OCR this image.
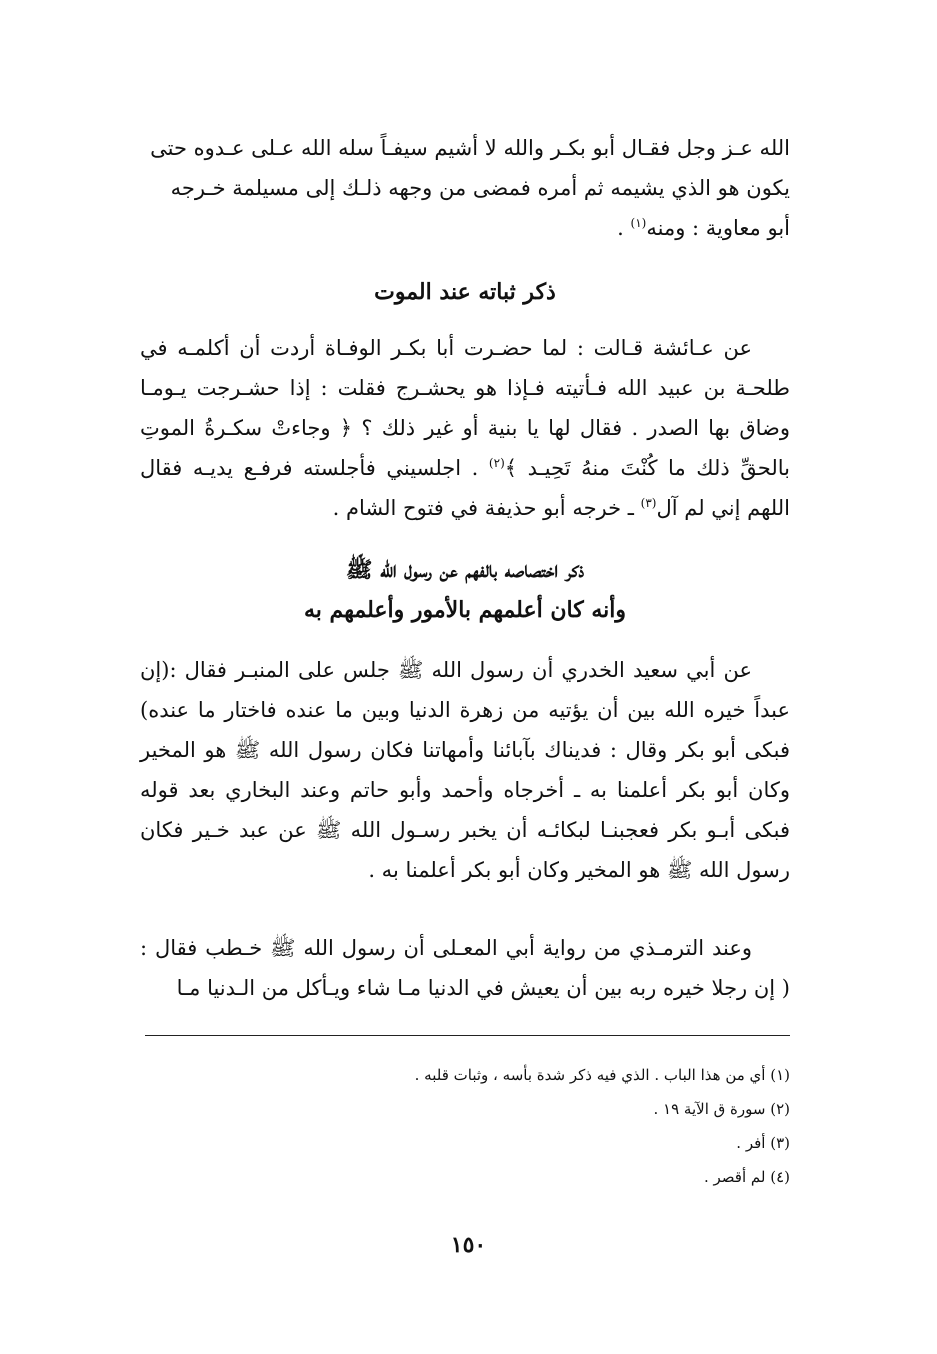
الله عـز وجل فقـال أبو بكـر والله لا أشيم سيفـاً سله الله عـلى عـدوه حتى

يكون هو الذي يشيمه ثم أمره فمضى من وجهه ذلـك إلى مسيلمة خـرجه

أبو معاوية : ومنه$^{(١)}$ .

ذكر ثباته عند الموت

عن عـائشة قـالت : لما حضـرت أبا بكـر الوفـاة أردت أن أكلمـه في طلحـة بن عبيد الله فـأتيته فـإذا هو يحشـرج فقلت : إذا حشـرجت يـومـا وضاق بها الصدر . فقال لها يا بنية أو غير ذلك ؟ ﴿ وجاءتْ سكـرةُ الموتِ بالحقِّ ذلك ما كُنْتَ منهُ تَحِيـد ﴾$^{(٢)}$ . اجلسيني فأجلسته فرفـع يديـه فقال اللهم إني لم آل$^{(٣)}$ ـ خرجه أبو حذيفة في فتوح الشام .

ذكر اختصاصه بالفهم عن رسول الله ﷺ
وأنه كان أعلمهم بالأمور وأعلمهم به

عن أبي سعيد الخدري أن رسول الله ﷺ جلس على المنبـر فقال :(إن عبداً خيره الله بين أن يؤتيه من زهرة الدنيا وبين ما عنده فاختار ما عنده) فبكى أبو بكر وقال : فديناك بآبائنا وأمهاتنا فكان رسول الله ﷺ هو المخير وكان أبو بكر أعلمنا به ـ أخرجاه وأحمد وأبو حاتم وعند البخاري بعد قوله فبكى أبـو بكر فعجبنـا لبكائـه أن يخبر رسـول الله ﷺ عن عبد خـير فكان رسول الله ﷺ هو المخير وكان أبو بكر أعلمنا به .

وعند الترمـذي من رواية أبي المعـلى أن رسول الله ﷺ خـطب فقال : ( إن رجلا خيره ربه بين أن يعيش في الدنيا مـا شاء ويـأكل من الـدنيا مـا

(١) أي من هذا الباب . الذي فيه ذكر شدة بأسه ، وثبات قلبه .
(٢) سورة ق الآية ١٩ .
(٣) أفر .
(٤) لم أقصر .
١٥٠
